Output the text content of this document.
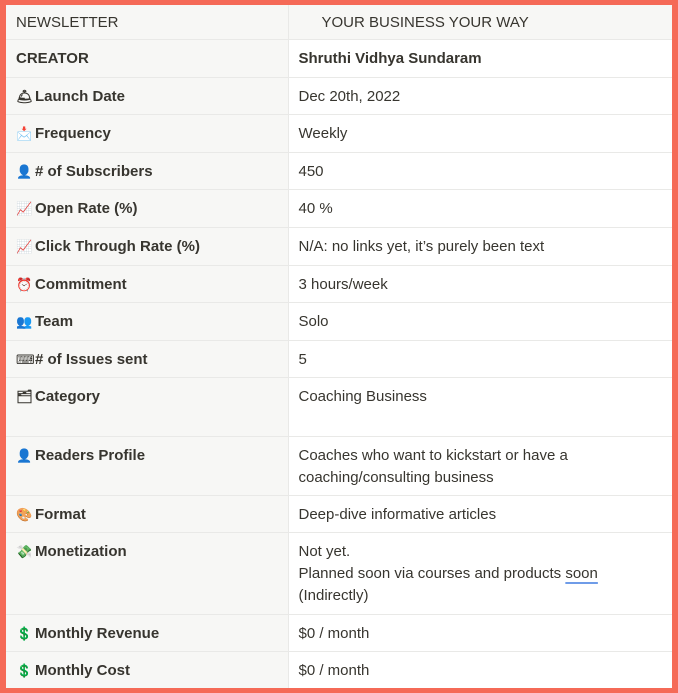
NEWSLETTER	YOUR BUSINESS YOUR WAY
CREATOR	Shruthi Vidhya Sundaram
🛎 Launch Date	Dec 20th, 2022
📩 Frequency	Weekly
👤 # of Subscribers	450
📈 Open Rate (%)	40 %
📈 Click Through Rate (%)	N/A: no links yet, it’s purely been text
⏰ Commitment	3 hours/week
👥 Team	Solo
⌨# of Issues sent	5
🗂 Category	Coaching Business
👤 Readers Profile	Coaches who want to kickstart or have a
coaching/consulting business

🎨 Format	Deep-dive informative articles
💸 Monetization	Not yet.
Planned soon via courses and products soon
(Indirectly)

💲 Monthly Revenue	$0 / month
💲 Monthly Cost	$0 / month
